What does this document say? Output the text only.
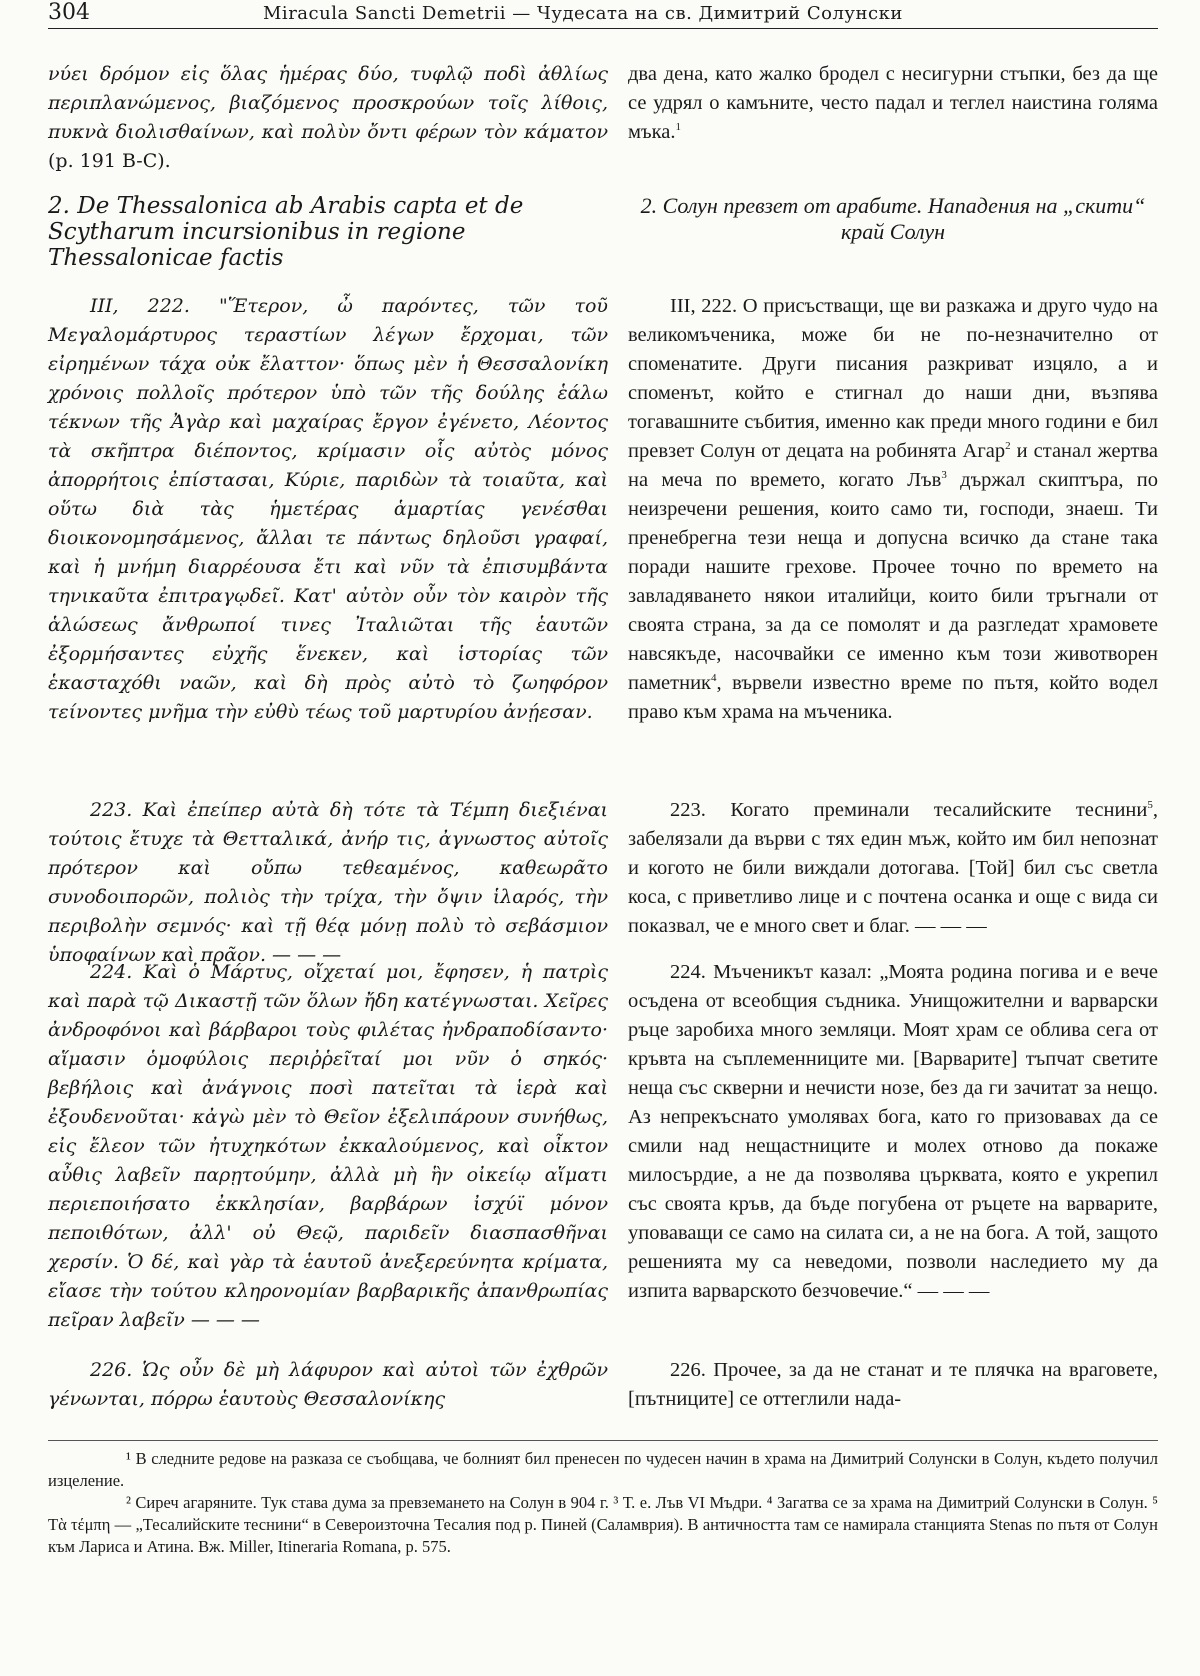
304	Miracula Sancti Demetrii — Чудесата на св. Димитрий Солунски

νύει δρόμον εἰς ὅλας ἡμέρας δύο, τυφλῷ ποδὶ ἀθλίως περιπλανώμενος, βιαζόμενος προσκρούων τοῖς λίθοις, πυκνὰ διολισθαίνων, καὶ πολὺν ὄντι φέρων τὸν κάματον (p. 191 B-C).

2. De Thessalonica ab Arabis capta et de Scytharum incursionibus in regione Thessalonicae factis
III, 222. "Ἕτερον, ὦ παρόντες, τῶν τοῦ Μεγαλομάρτυρος τεραστίων λέγων ἔρχομαι, τῶν εἰρημένων τάχα οὐκ ἔλαττον· ὅπως μὲν ἡ Θεσσαλονίκη χρόνοις πολλοῖς πρότερον ὑπὸ τῶν τῆς δούλης ἑάλω τέκνων τῆς Ἀγὰρ καὶ μαχαίρας ἔργον ἐγένετο, Λέοντος τὰ σκῆπτρα διέποντος, κρίμασιν οἷς αὐτὸς μόνος ἀπορρήτοις ἐπίστασαι, Κύριε, παριδὼν τὰ τοιαῦτα, καὶ οὕτω διὰ τὰς ἡμετέρας ἁμαρτίας γενέσθαι διοικονομησάμενος, ἄλλαι τε πάντως δηλοῦσι γραφαί, καὶ ἡ μνήμη διαρρέουσα ἔτι καὶ νῦν τὰ ἐπισυμβάντα τηνικαῦτα ἐπιτραγῳδεῖ. Κατ' αὐτὸν οὖν τὸν καιρὸν τῆς ἁλώσεως ἄνθρωποί τινες Ἰταλιῶται τῆς ἑαυτῶν ἐξορμήσαντες εὐχῆς ἕνεκεν, καὶ ἱστορίας τῶν ἑκασταχόθι ναῶν, καὶ δὴ πρὸς αὐτὸ τὸ ζωηφόρον τείνοντες μνῆμα τὴν εὐθὺ τέως τοῦ μαρτυρίου ἀνῄεσαν.
223. Καὶ ἐπείπερ αὐτὰ δὴ τότε τὰ Τέμπη διεξιέναι τούτοις ἔτυχε τὰ Θετταλικά, ἀνήρ τις, ἀγνωστος αὐτοῖς πρότερον καὶ οὔπω τεθεαμένος, καθεωρᾶτο συνοδοιπορῶν, πολιὸς τὴν τρίχα, τὴν ὄψιν ἱλαρός, τὴν περιβολὴν σεμνός· καὶ τῇ θέᾳ μόνῃ πολὺ τὸ σεβάσμιον ὑποφαίνων καὶ πρᾶον. — — —
224. Καὶ ὁ Μάρτυς, οἴχεταί μοι, ἔφησεν, ἡ πατρὶς καὶ παρὰ τῷ Δικαστῇ τῶν ὅλων ἤδη κατέγνωσται. Χεῖρες ἀνδροφόνοι καὶ βάρβαροι τοὺς φιλέτας ἠνδραποδίσαντο· αἵμασιν ὁμοφύλοις περιῤῥεῖταί μοι νῦν ὁ σηκός· βεβήλοις καὶ ἀνάγνοις ποσὶ πατεῖται τὰ ἱερὰ καὶ ἐξουδενοῦται· κἀγὼ μὲν τὸ Θεῖον ἐξελιπάρουν συνήθως, εἰς ἔλεον τῶν ἠτυχηκότων ἐκκαλούμενος, καὶ οἶκτον αὖθις λαβεῖν παρῃτούμην, ἀλλὰ μὴ ἣν οἰκείῳ αἵματι περιεποιήσατο ἐκκλησίαν, βαρβάρων ἰσχύϊ μόνον πεποιθότων, ἀλλ' οὐ Θεῷ, παριδεῖν διασπασθῆναι χερσίν. Ὁ δέ, καὶ γὰρ τὰ ἑαυτοῦ ἀνεξερεύνητα κρίματα, εἴασε τὴν τούτου κληρονομίαν βαρβαρικῆς ἀπανθρωπίας πεῖραν λαβεῖν — — —
226. Ὡς οὖν δὲ μὴ λάφυρον καὶ αὐτοὶ τῶν ἐχθρῶν γένωνται, πόρρω ἑαυτοὺς Θεσσαλονίκης

два дена, като жалко бродел с несигурни стъпки, без да ще се удрял о камъните, често падал и теглел наистина голяма мъка.$^1$

2. Солун превзет от арабите. Нападения на „скити“ край Солун
III, 222. О присъстващи, ще ви разкажа и друго чудо на великомъченика, може би не по-незначително от споменатите. Други писания разкриват изцяло, а и споменът, който е стигнал до наши дни, възпява тогавашните събития, именно как преди много години е бил превзет Солун от децата на робинята Агар$^2$ и станал жертва на меча по времето, когато Лъв$^3$ държал скиптъра, по неизречени решения, които само ти, господи, знаеш. Ти пренебрегна тези неща и допусна всичко да стане така поради нашите грехове. Прочее точно по времето на завладяването някои италийци, които били тръгнали от своята страна, за да се помолят и да разгледат храмовете навсякъде, насочвайки се именно към този животворен паметник$^4$, вървели известно време по пътя, който водел право към храма на мъченика.
223. Когато преминали тесалийските теснини$^5$, забелязали да върви с тях един мъж, който им бил непознат и когото не били виждали дотогава. [Той] бил със светла коса, с приветливо лице и с почтена осанка и още с вида си показвал, че е много свет и благ. — — —
224. Мъченикът казал: „Моята родина погива и е вече осъдена от всеобщия съдника. Унищожителни и варварски ръце заробиха много земляци. Моят храм се облива сега от кръвта на съплеменниците ми. [Варварите] тъпчат светите неща със скверни и нечисти нозе, без да ги зачитат за нещо. Аз непрекъснато умолявах бога, като го призовавах да се смили над нещастниците и молех отново да покаже милосърдие, а не да позволява църквата, която е укрепил със своята кръв, да бъде погубена от ръцете на варварите, уповаващи се само на силата си, а не на бога. А той, защото решенията му са неведоми, позволи наследието му да изпита варварското безчовечие.“ — — —
226. Прочее, за да не станат и те плячка на враговете, [пътниците] се оттеглили нада-

¹ В следните редове на разказа се съобщава, че болният бил пренесен по чудесен начин в храма на Димитрий Солунски в Солун, където получил изцеление.

² Сиреч агаряните. Тук става дума за превземането на Солун в 904 г. ³ Т. е. Лъв VI Мъдри. ⁴ Загатва се за храма на Димитрий Солунски в Солун. ⁵ Τὰ τέμπη — „Тесалийските теснини“ в Североизточна Тесалия под р. Пиней (Саламврия). В античността там се намирала станцията Stenas по пътя от Солун към Лариса и Атина. Вж. Miller, Itineraria Romana, p. 575.
